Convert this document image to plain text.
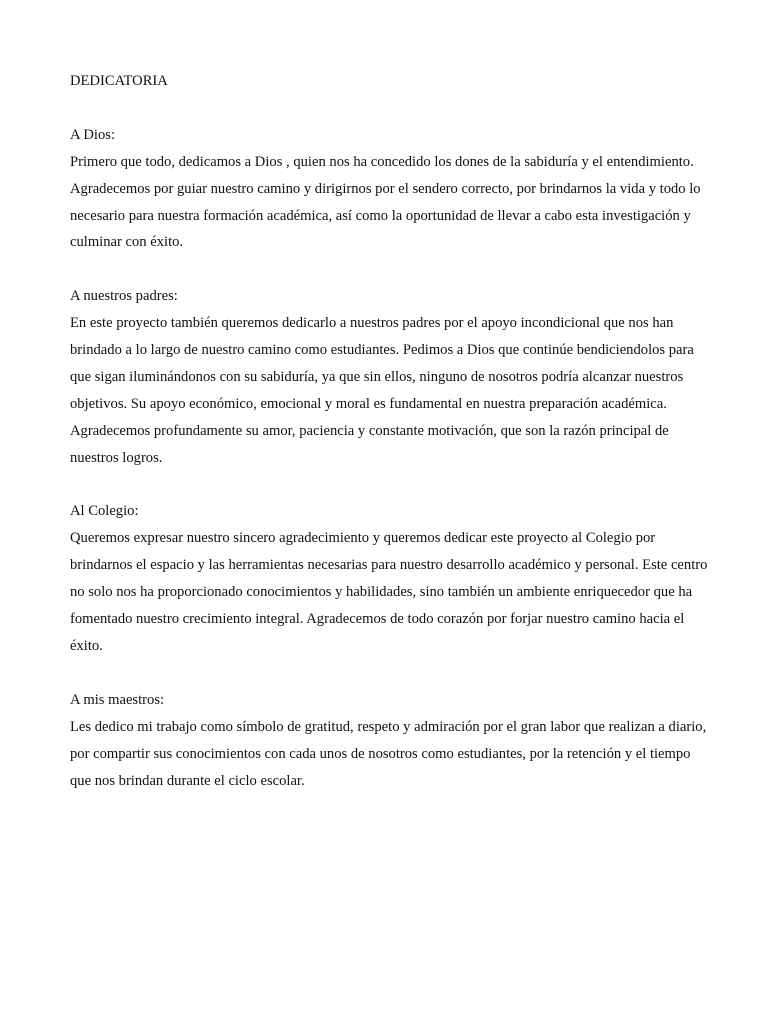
DEDICATORIA

A Dios:

Primero que todo, dedicamos a Dios , quien nos ha concedido los dones de la sabiduría y el entendimiento. Agradecemos por guiar nuestro camino y dirigirnos por el sendero correcto, por brindarnos la vida y todo lo necesario para nuestra formación académica, así como la oportunidad de llevar a cabo esta investigación y culminar con éxito.

A nuestros padres:

En este proyecto también queremos dedicarlo a nuestros padres por el apoyo incondicional que nos han brindado a lo largo de nuestro camino como estudiantes. Pedimos a Dios que continúe bendiciendolos para que sigan iluminándonos con su sabiduría, ya que sin ellos, ninguno de nosotros podría alcanzar nuestros objetivos. Su apoyo económico, emocional y moral es fundamental en nuestra preparación académica. Agradecemos profundamente su amor, paciencia y constante motivación, que son la razón principal de nuestros logros.

Al Colegio:

Queremos expresar nuestro sincero agradecimiento y queremos dedicar este proyecto al Colegio por brindarnos el espacio y las herramientas necesarias para nuestro desarrollo académico y personal. Este centro no solo nos ha proporcionado conocimientos y habilidades, sino también un ambiente enriquecedor que ha fomentado nuestro crecimiento integral. Agradecemos de todo corazón por forjar nuestro camino hacia el éxito.

A mis maestros:

Les dedico mi trabajo como símbolo de gratitud, respeto y admiración por el gran labor que realizan a diario, por compartir sus conocimientos con cada unos de nosotros como estudiantes, por la retención y el tiempo que nos brindan durante el ciclo escolar.
